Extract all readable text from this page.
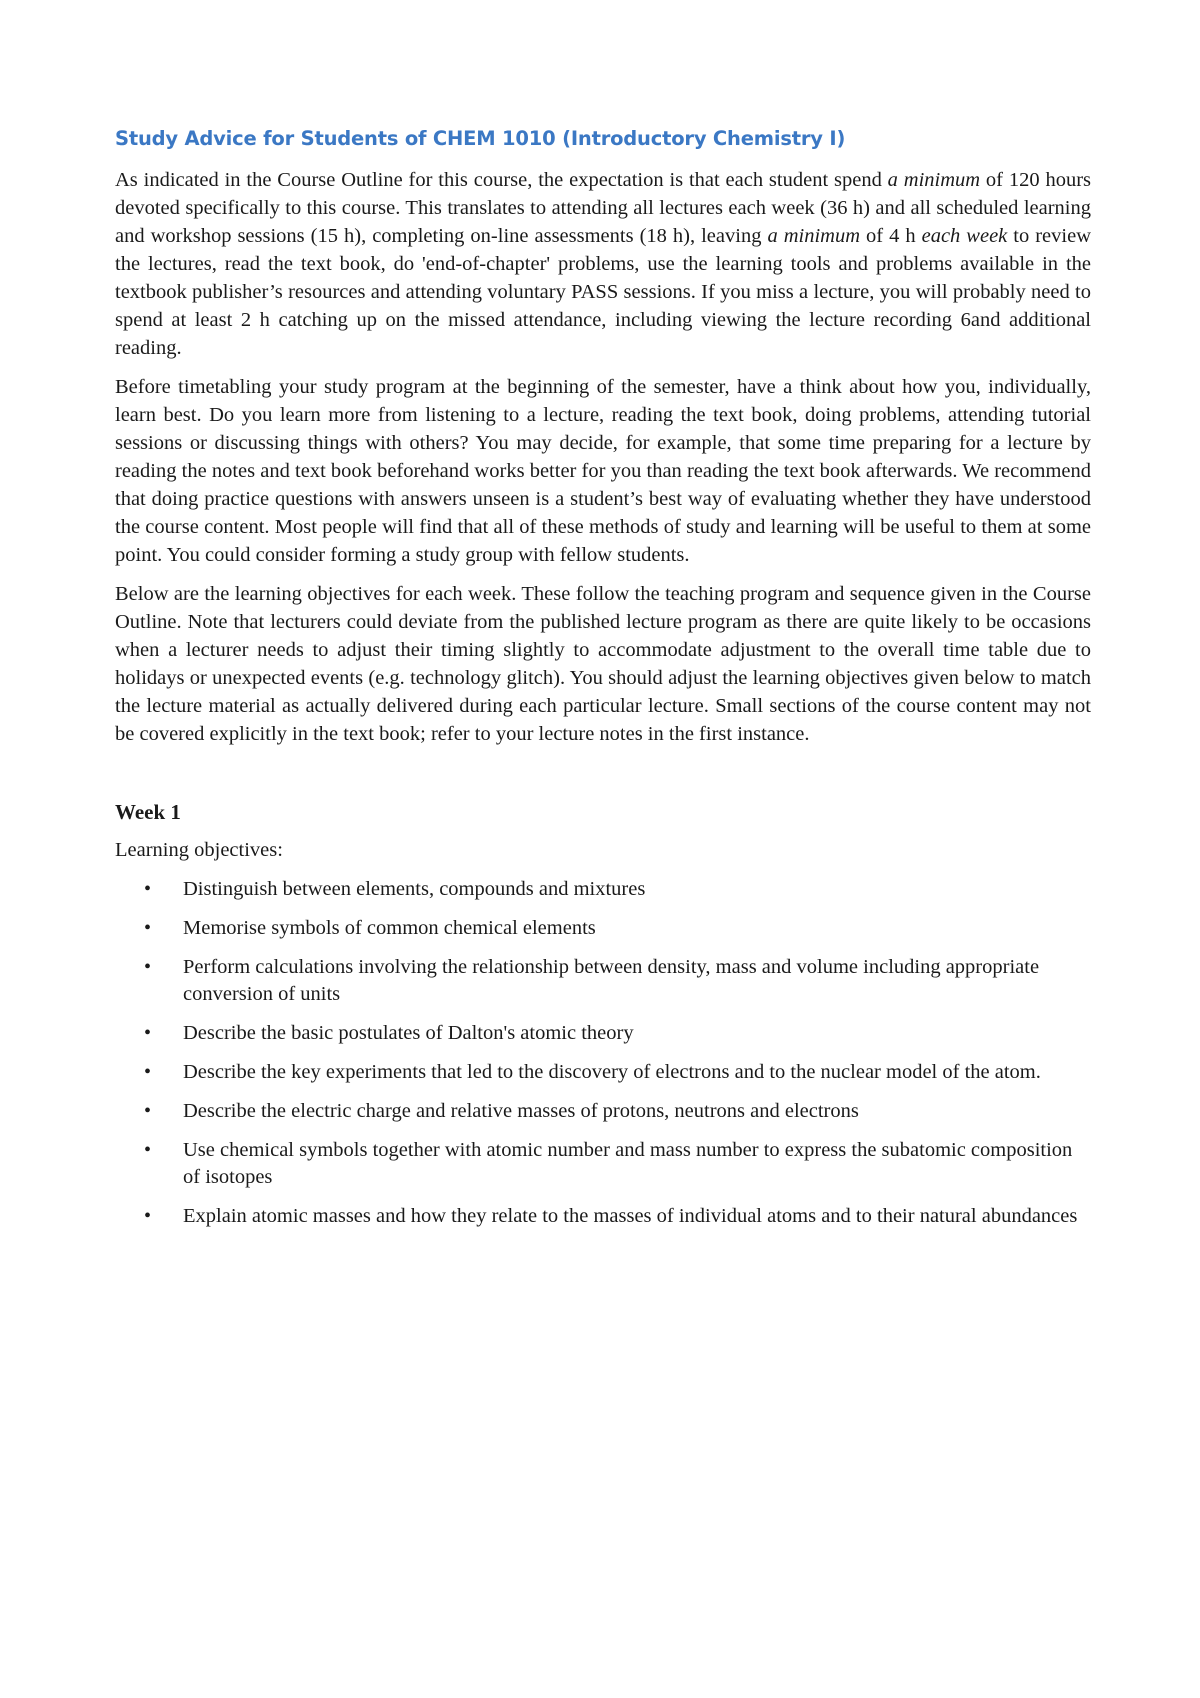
Study Advice for Students of CHEM 1010 (Introductory Chemistry I)

As indicated in the Course Outline for this course, the expectation is that each student spend a minimum of 120 hours devoted specifically to this course. This translates to attending all lectures each week (36 h) and all scheduled learning and workshop sessions (15 h), completing on-line assessments (18 h), leaving a minimum of 4 h each week to review the lectures, read the text book, do 'end-of-chapter' problems, use the learning tools and problems available in the textbook publisher’s resources and attending voluntary PASS sessions. If you miss a lecture, you will probably need to spend at least 2 h catching up on the missed attendance, including viewing the lecture recording 6and additional reading.

Before timetabling your study program at the beginning of the semester, have a think about how you, individually, learn best. Do you learn more from listening to a lecture, reading the text book, doing problems, attending tutorial sessions or discussing things with others? You may decide, for example, that some time preparing for a lecture by reading the notes and text book beforehand works better for you than reading the text book afterwards. We recommend that doing practice questions with answers unseen is a student’s best way of evaluating whether they have understood the course content. Most people will find that all of these methods of study and learning will be useful to them at some point. You could consider forming a study group with fellow students.

Below are the learning objectives for each week. These follow the teaching program and sequence given in the Course Outline. Note that lecturers could deviate from the published lecture program as there are quite likely to be occasions when a lecturer needs to adjust their timing slightly to accommodate adjustment to the overall time table due to holidays or unexpected events (e.g. technology glitch). You should adjust the learning objectives given below to match the lecture material as actually delivered during each particular lecture. Small sections of the course content may not be covered explicitly in the text book; refer to your lecture notes in the first instance.

Week 1
Learning objectives:
• Distinguish between elements, compounds and mixtures
• Memorise symbols of common chemical elements
• Perform calculations involving the relationship between density, mass and volume including appropriate conversion of units
• Describe the basic postulates of Dalton's atomic theory
• Describe the key experiments that led to the discovery of electrons and to the nuclear model of the atom.
• Describe the electric charge and relative masses of protons, neutrons and electrons
• Use chemical symbols together with atomic number and mass number to express the subatomic composition of isotopes
• Explain atomic masses and how they relate to the masses of individual atoms and to their natural abundances
